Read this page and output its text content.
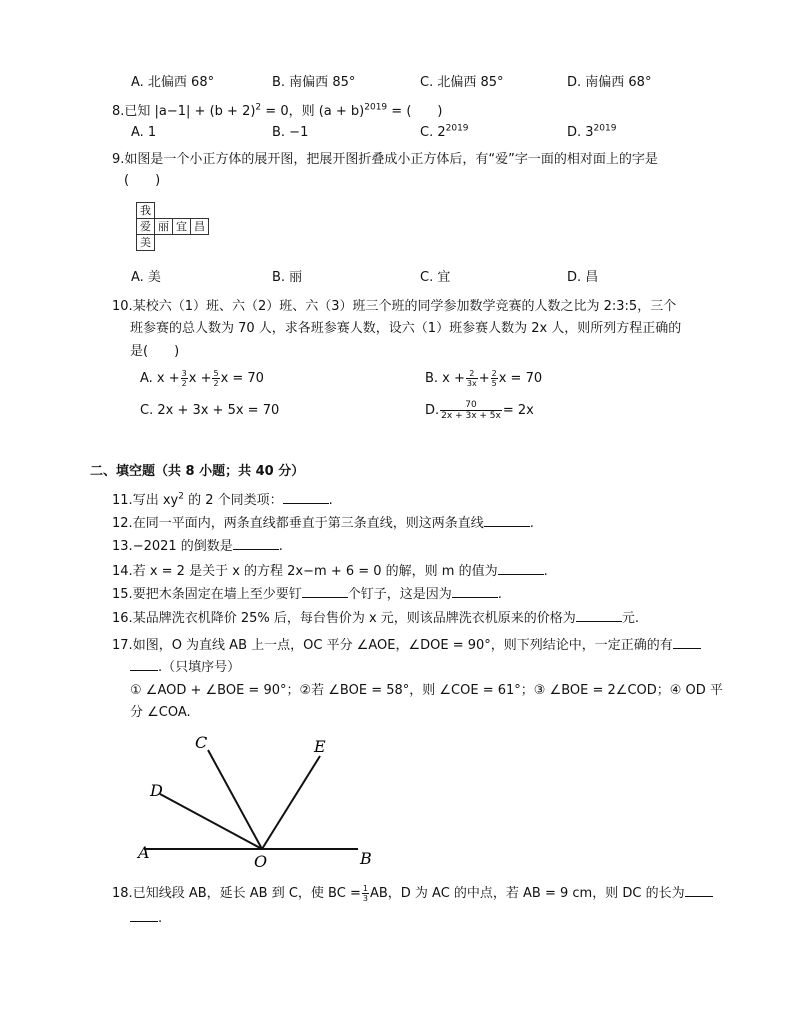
A. 北偏西 68°	B. 南偏西 85°	C. 北偏西 85°	D. 南偏西 68°
8.已知 $|a-1| + (b + 2)^2 = 0$，则 $(a + b)^{2019}$ = (　　)
A. 1	B. −1	C. $2^{2019}$	D. $3^{2019}$
9.如图是一个小正方体的展开图，把展开图折叠成小正方体后，有“爱”字一面的相对面上的字是
(　　)
我			
爱	丽	宜	昌
美			
A. 美	B. 丽	C. 宜	D. 昌
10.某校六（1）班、六（2）班、六（3）班三个班的同学参加数学竞赛的人数之比为 2:3:5，三个
班参赛的总人数为 70 人，求各班参赛人数，设六（1）班参赛人数为 2x 人，则所列方程正确的
是(　　)
A. $x + \frac{3}{2}$ $x + \frac{5}{2}$ x = 70	B. $x + \frac{2}{3x} + \frac{2}{5}$ x = 70
C. 2x + 3x + 5x = 70	D. $\frac{70}{2x + 3x + 5x} = 2x$
二、填空题（共 8 小题；共 40 分）
11.写出 $xy^2$ 的 2 个同类项：	.
12.在同一平面内，两条直线都垂直于第三条直线，则这两条直线	.
13.−2021 的倒数是	.
14.若 x = 2 是关于 x 的方程 2x−m + 6 = 0 的解，则 m 的值为	.
15.要把木条固定在墙上至少要钉	个钉子，这是因为	.
16.某品牌洗衣机降价 25% 后，每台售价为 x 元，则该品牌洗衣机原来的价格为	元.
17.如图，O 为直线 AB 上一点，OC 平分 ∠AOE，∠DOE = 90°，则下列结论中，一定正确的有
.（只填序号）
① ∠AOD + ∠BOE = 90°；②若 ∠BOE = 58°，则 ∠COE = 61°；③ ∠BOE = 2∠COD；④ OD 平
分 ∠COA.
A	B
C
D
E
O
18.已知线段 AB，延长 AB 到 C，使 BC = $\frac{1}{3}$ AB，D 为 AC 的中点，若 AB = 9 cm，则 DC 的长为
.
